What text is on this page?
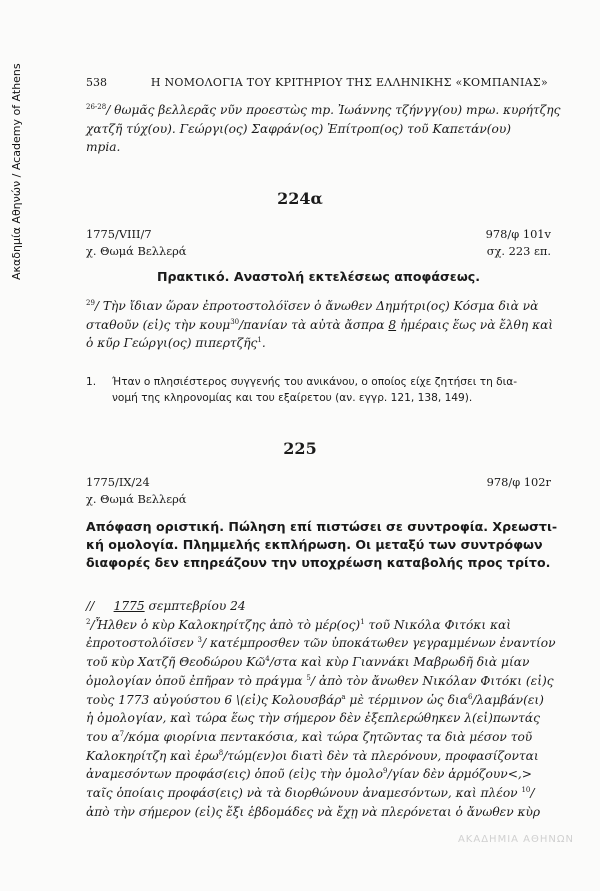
Ακαδημία Αθηνών / Academy of Athens	538	Η ΝΟΜΟΛΟΓΙΑ ΤΟΥ ΚΡΙΤΗΡΙΟΥ ΤΗΣ ΕΛΛΗΝΙΚΗΣ «ΚΟΜΠΑΝΙΑΣ»
$^{26-28}$/ θωμᾶς βελλερᾶς νῦν προεστὼς mp. Ἰωάννης τζήνγγ(ου) mpω. κυρήτζης
χατζῆ τύχ(ου). Γεώργι(ος) Σαφράν(ος) Ἐπίτροπ(ος) τοῦ Καπετάν(ου)
mpia.
224α
1775/VIII/7	978/φ 101v
χ. Θωμά Βελλερά	σχ. 223 επ.
Πρακτικό. Αναστολή εκτελέσεως αποφάσεως.
$^{29}$/ Τὴν ἴδιαν ὥραν ἐπροτοστολόϊσεν ὁ ἄνωθεν Δημήτρι(ος) Κόσμα διὰ νὰ
σταθοῦν (εἰ)ς τὴν κουμ$^{30}$/πανίαν τὰ αὐτὰ ἄσπρα 8 ἡμέραις ἕως νὰ ἔλθη καὶ
ὁ κῦρ Γεώργι(ος) πιπερτζῆς$^1$.
1. Ήταν ο πλησιέστερος συγγενής του ανικάνου, ο οποίος είχε ζητήσει τη δια-
νομή της κληρονομίας και του εξαίρετου (αν. εγγρ. 121, 138, 149).
225
1775/IX/24	978/φ 102r
χ. Θωμά Βελλερά
Απόφαση οριστική. Πώληση επί πιστώσει σε συντροφία. Χρεωστι-
κή ομολογία. Πλημμελής εκπλήρωση. Οι μεταξύ των συντρόφων
διαφορές δεν επηρεάζουν την υποχρέωση καταβολής προς τρίτο.
// 1775 σεμπτεβρίου 24
$^2$/Ἦλθεν ὁ κὺρ Καλοκηρίτζης ἀπὸ τὸ $\mu έ\rho(o\varsigma)^1$ τοῦ Νικόλα Φιτόκι καὶ
ἐπροτοστολόϊσεν $^3$/ κατέμπροσθεν τῶν ὑποκάτωθεν γεγραμμένων ἐναντίον
τοῦ κὺρ Χατζῆ Θεοδώρου Κῶ$^4$/στα καὶ κὺρ Γιαννάκι Μαβρωδῆ διὰ μίαν
ὁμολογίαν ὁποῦ ἐπῆραν τὸ πράγμα $^5$/ ἀπὸ τὸν ἄνωθεν Νικόλαν Φιτόκι (εἰ)ς
τοὺς 1773 αὐγούστου 6 \(εἰ)ς Κολουσβάρ$^a$ μὲ τέρμινον ὡς δια$^6$/λαμβάν(ει)
ἡ ὁμολογίαν, καὶ τώρα ἕως τὴν σήμερον δὲν ἐξεπλερώθηκεν λ(εἰ)πωντάς
του $\alpha^7$/κόμα φιορίνια πεντακόσια, καὶ τώρα ζητῶντας τα διὰ μέσον τοῦ
Καλοκηρίτζη καὶ ἐρω$^8$/τώμ(εν)οι διατὶ δὲν τὰ πλερόνουν, προφασίζονται
ἀναμεσόντων προφάσ(εις) ὁποῦ (εἰ)ς τὴν ὁμολο$^9$/γίαν δὲν ἁρμόζουν<,>
ταῖς ὁποίαις προφάσ(εις) νὰ τὰ διορθώνουν ἀναμεσόντων, καὶ πλέον $^{10}$/
ἀπὸ τὴν σήμερον (εἰ)ς ἔξι ἑβδομάδες νὰ ἔχῃ νὰ πλερόνεται ὁ ἄνωθεν κὺρ
ΑΚΑΔΗΜΙΑ ΑΘΗΝΩΝ
